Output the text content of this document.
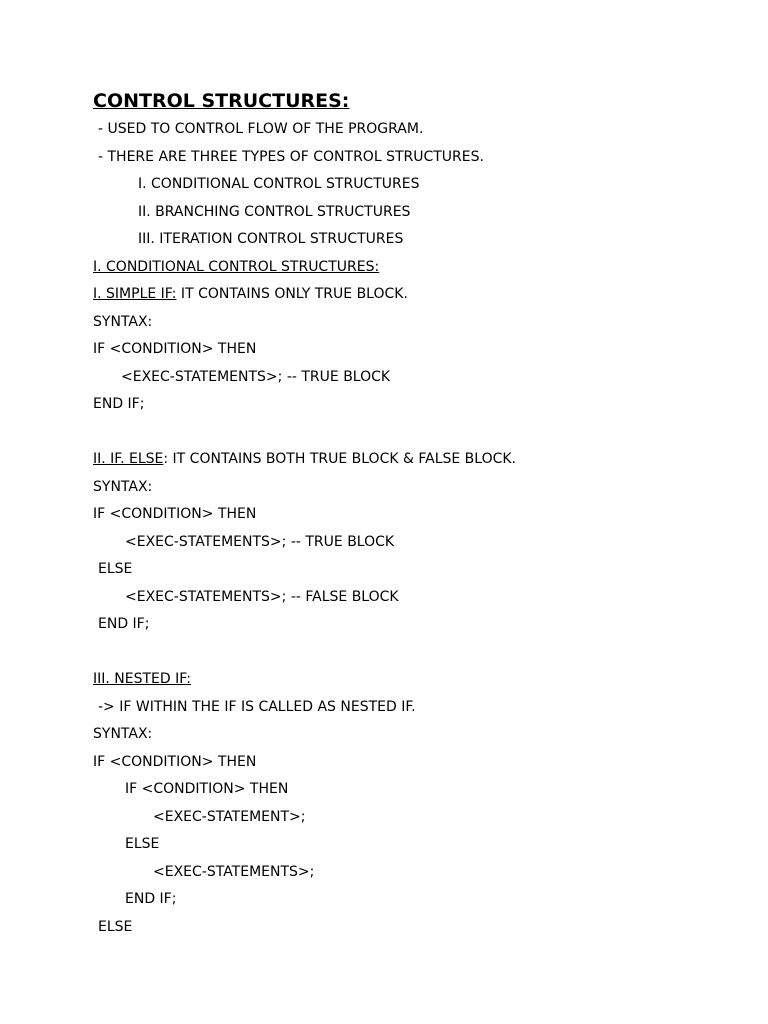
CONTROL STRUCTURES:
- USED TO CONTROL FLOW OF THE PROGRAM.
- THERE ARE THREE TYPES OF CONTROL STRUCTURES.
I. CONDITIONAL CONTROL STRUCTURES
II. BRANCHING CONTROL STRUCTURES
III. ITERATION CONTROL STRUCTURES
I. CONDITIONAL CONTROL STRUCTURES:
I. SIMPLE IF: IT CONTAINS ONLY TRUE BLOCK.
SYNTAX:
IF <CONDITION> THEN
<EXEC-STATEMENTS>; -- TRUE BLOCK
END IF;
II. IF. ELSE: IT CONTAINS BOTH TRUE BLOCK & FALSE BLOCK.
SYNTAX:
IF <CONDITION> THEN
<EXEC-STATEMENTS>; -- TRUE BLOCK
ELSE
<EXEC-STATEMENTS>; -- FALSE BLOCK
END IF;
III. NESTED IF:
-> IF WITHIN THE IF IS CALLED AS NESTED IF.
SYNTAX:
IF <CONDITION> THEN
IF <CONDITION> THEN
<EXEC-STATEMENT>;
ELSE
<EXEC-STATEMENTS>;
END IF;
ELSE
